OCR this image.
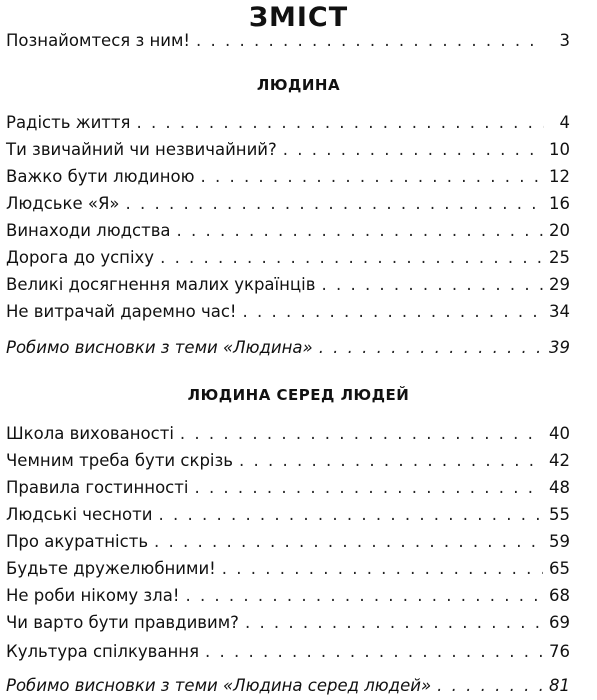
ЗМІСТ
Познайомтеся з ним! . . .	3
ЛЮДИНА
Радість життя . . .	4
Ти звичайний чи незвичайний? . . .	10
Важко бути людиною . . .	12
Людське «Я» . . .	16
Винаходи людства . . .	20
Дорога до успіху . . .	25
Великі досягнення малих українців . . .	29
Не витрачай даремно час! . . .	34
Робимо висновки з теми «Людина» . . .	39
ЛЮДИНА СЕРЕД ЛЮДЕЙ
Школа вихованості . . .	40
Чемним треба бути скрізь . . .	42
Правила гостинності . . .	48
Людські чесноти . . .	55
Про акуратність . . .	59
Будьте дружелюбними! . . .	65
Не роби нікому зла! . . .	68
Чи варто бути правдивим? . . .	69
Культура спілкування . . .	76
Робимо висновки з теми «Людина серед людей» . . .	81
